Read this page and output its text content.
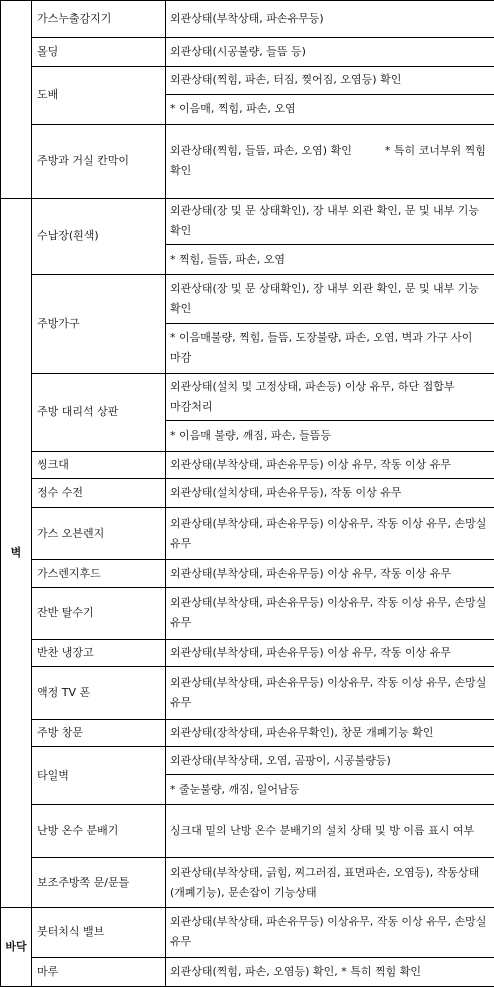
	가스누출감지기	외관상태(부착상태, 파손유무등)
	몰딩	외관상태(시공불량, 들뜸 등)
	도배	외관상태(찍힘, 파손, 터짐, 찢어짐, 오염등) 확인
		* 이음매, 찍힘, 파손, 오염
	주방과 거실 칸막이	외관상태(찍힘, 들뜸, 파손, 오염) 확인　　　* 특히 코너부위 찍힘 확인
벽	수납장(흰색)	외관상태(장 및 문 상태확인), 장 내부 외관 확인, 문 및 내부 기능 확인
		* 찍힘, 들뜸, 파손, 오염
	주방가구	외관상태(장 및 문 상태확인), 장 내부 외관 확인, 문 및 내부 기능 확인
		* 이음매불량, 찍힘, 들뜸, 도장불량, 파손, 오염, 벽과 가구 사이 마감
	주방 대리석 상판	외관상태(설치 및 고정상태, 파손등) 이상 유무, 하단 접합부 마감처리
		* 이음매 불량, 깨짐, 파손, 들뜸등
	씽크대	외관상태(부착상태, 파손유무등) 이상 유무, 작동 이상 유무
	정수 수전	외관상태(설치상태, 파손유무등), 작동 이상 유무
	가스 오븐렌지	외관상태(부착상태, 파손유무등) 이상유무, 작동 이상 유무, 손망실 유무
	가스렌지후드	외관상태(부착상태, 파손유무등) 이상 유무, 작동 이상 유무
	잔반 탈수기	외관상태(부착상태, 파손유무등) 이상유무, 작동 이상 유무, 손망실 유무
	반찬 냉장고	외관상태(부착상태, 파손유무등) 이상 유무, 작동 이상 유무
	액정 TV 폰	외관상태(부착상태, 파손유무등) 이상유무, 작동 이상 유무, 손망실 유무
	주방 창문	외관상태(장착상태, 파손유무확인), 창문 개폐기능 확인
	타일벽	외관상태(부착상태, 오염, 곰팡이, 시공불량등)
		* 줄눈불량, 깨짐, 일어남등
	난방 온수 분배기	싱크대 밑의 난방 온수 분배기의 설치 상태 및 방 이름 표시 여부
	보조주방쪽 문/문틀	외관상태(부착상태, 긁힘, 찌그러짐, 표면파손, 오염등), 작동상태(개폐기능), 문손잡이 기능상태
바닥	붓터치식 밸브	외관상태(부착상태, 파손유무등) 이상유무, 작동 이상 유무, 손망실 유무
	마루	외관상태(찍힘, 파손, 오염등) 확인, * 특히 찍힘 확인
